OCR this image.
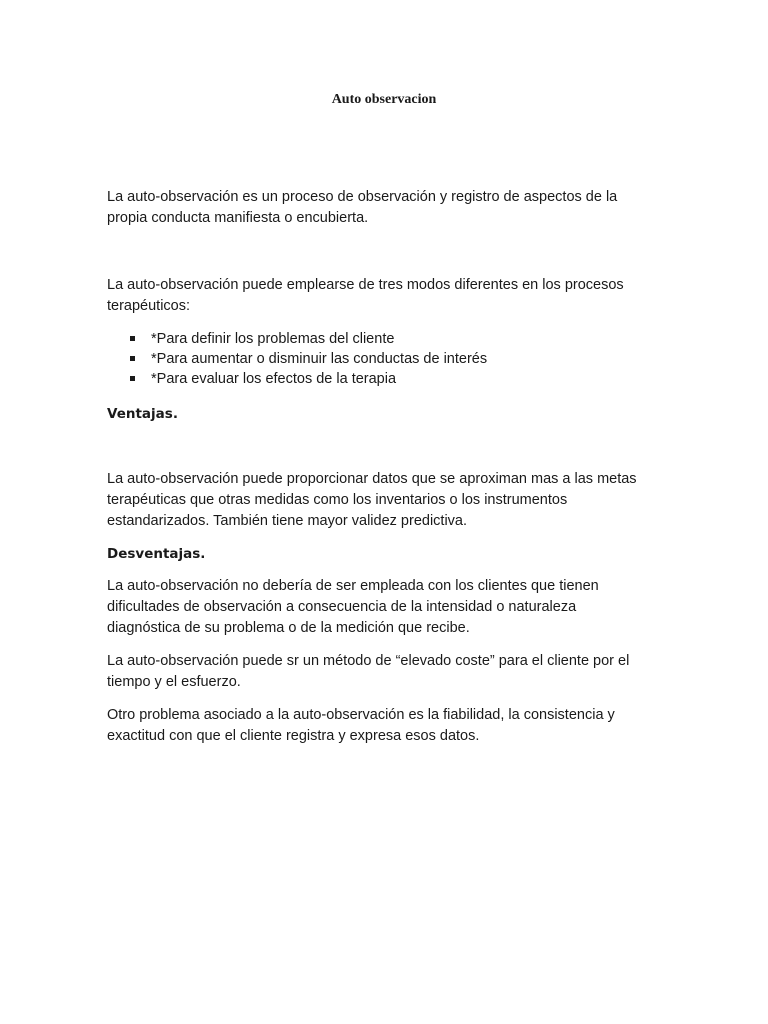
Auto observacion

La auto-observación es un proceso de observación y registro de aspectos de la
propia conducta manifiesta o encubierta.

La auto-observación puede emplearse de tres modos diferentes en los procesos
terapéuticos:

*Para definir los problemas del cliente
*Para aumentar o disminuir las conductas de interés
*Para evaluar los efectos de la terapia
Ventajas.

La auto-observación puede proporcionar datos que se aproximan mas a las metas
terapéuticas que otras medidas como los inventarios o los instrumentos
estandarizados. También tiene mayor validez predictiva.

Desventajas.

La auto-observación no debería de ser empleada con los clientes que tienen
dificultades de observación a consecuencia de la intensidad o naturaleza
diagnóstica de su problema o de la medición que recibe.

La auto-observación puede sr un método de “elevado coste” para el cliente por el
tiempo y el esfuerzo.

Otro problema asociado a la auto-observación es la fiabilidad, la consistencia y
exactitud con que el cliente registra y expresa esos datos.
